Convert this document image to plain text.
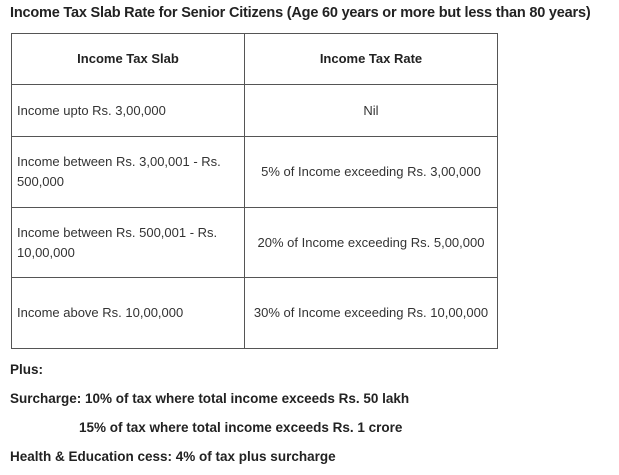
Income Tax Slab Rate for Senior Citizens (Age 60 years or more but less than 80 years)
Income Tax Slab	Income Tax Rate
Income upto Rs. 3,00,000	Nil
Income between Rs. 3,00,001 - Rs. 500,000	5% of Income exceeding Rs. 3,00,000
Income between Rs. 500,001 - Rs. 10,00,000	20% of Income exceeding Rs. 5,00,000
Income above Rs. 10,00,000	30% of Income exceeding Rs. 10,00,000
Plus:
Surcharge: 10% of tax where total income exceeds Rs. 50 lakh
15% of tax where total income exceeds Rs. 1 crore
Health & Education cess: 4% of tax plus surcharge
